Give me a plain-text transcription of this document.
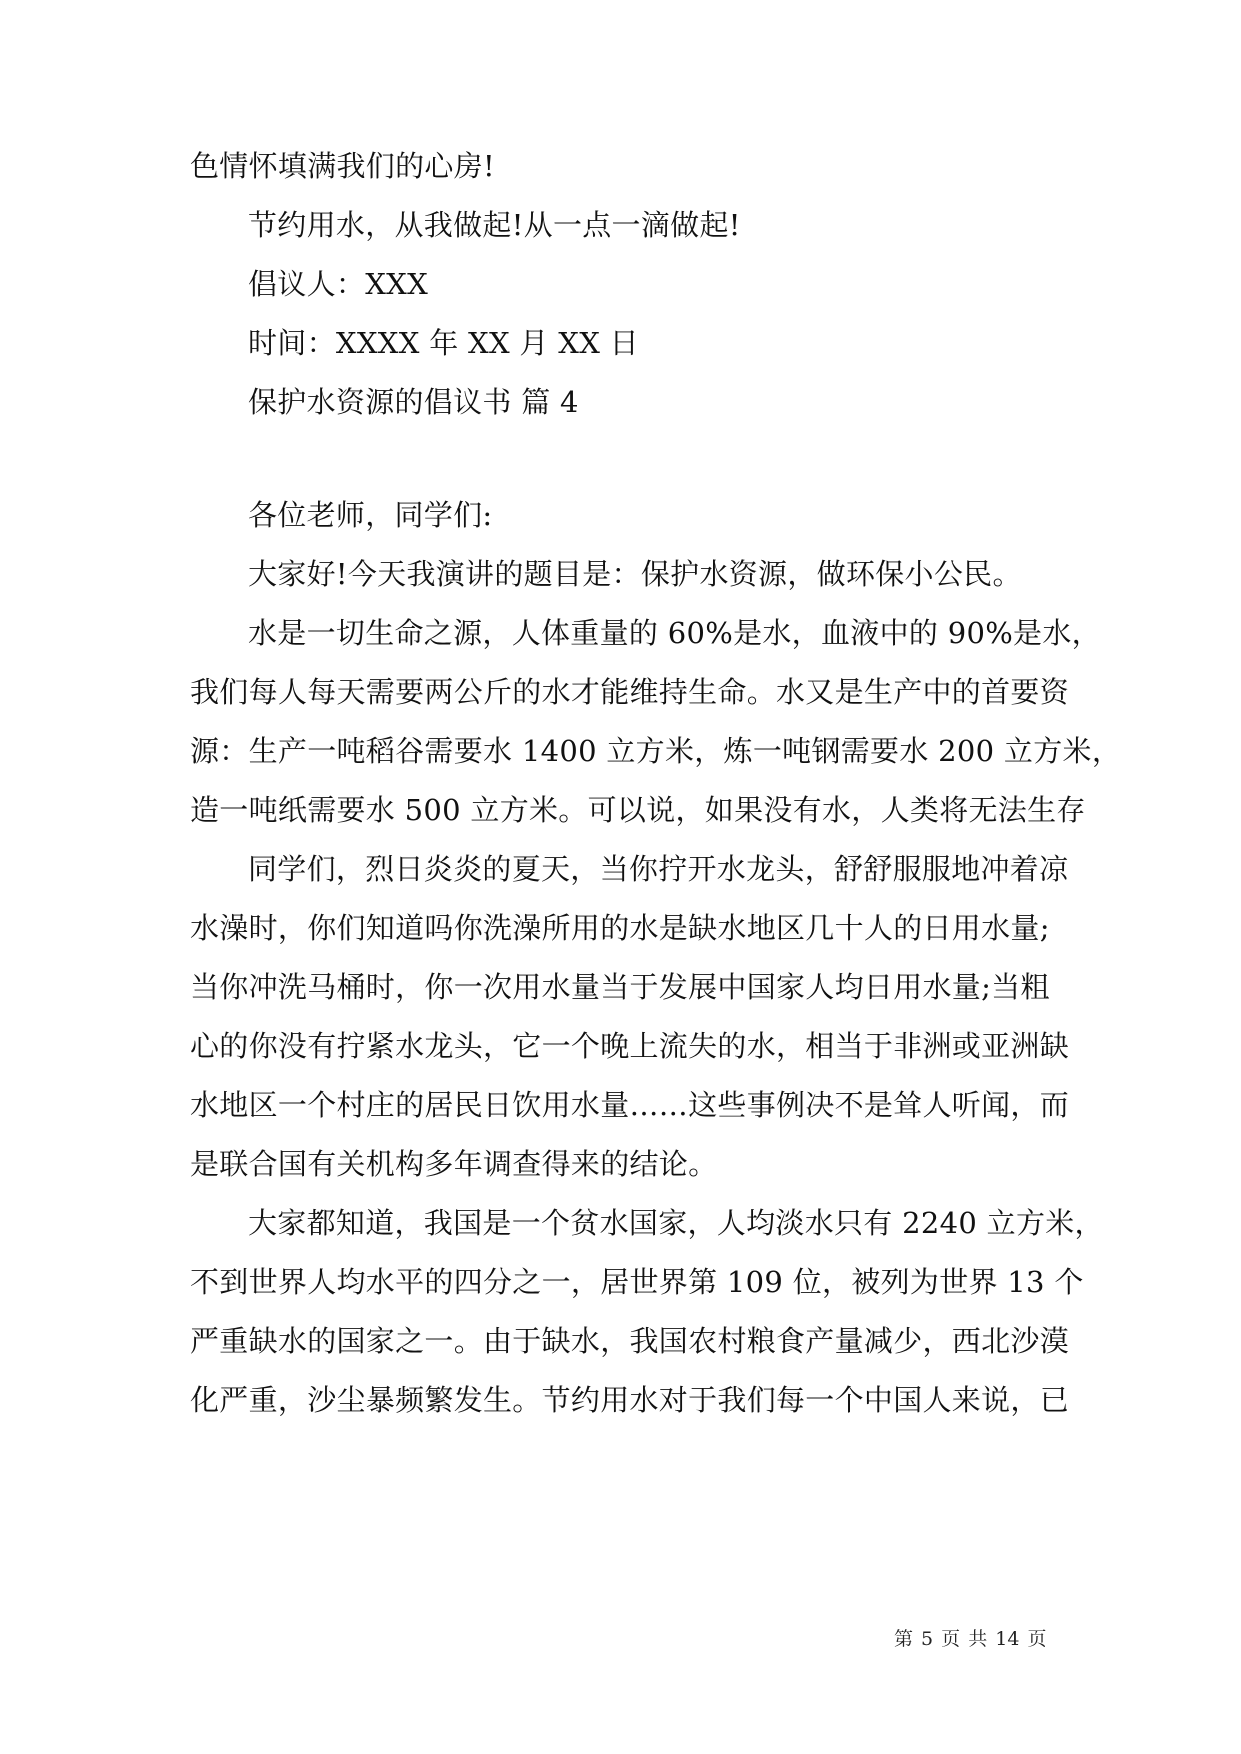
色情怀填满我们的心房!
节约用水，从我做起!从一点一滴做起!
倡议人：XXX
时间：XXXX 年 XX 月 XX 日
保护水资源的倡议书 篇 4
各位老师，同学们:
大家好!今天我演讲的题目是：保护水资源，做环保小公民。
水是一切生命之源，人体重量的 60%是水，血液中的 90%是水，
我们每人每天需要两公斤的水才能维持生命。水又是生产中的首要资
源：生产一吨稻谷需要水 1400 立方米，炼一吨钢需要水 200 立方米，
造一吨纸需要水 500 立方米。可以说，如果没有水，人类将无法生存
同学们，烈日炎炎的夏天，当你拧开水龙头，舒舒服服地冲着凉
水澡时，你们知道吗你洗澡所用的水是缺水地区几十人的日用水量;
当你冲洗马桶时，你一次用水量当于发展中国家人均日用水量;当粗
心的你没有拧紧水龙头，它一个晚上流失的水，相当于非洲或亚洲缺
水地区一个村庄的居民日饮用水量……这些事例决不是耸人听闻，而
是联合国有关机构多年调查得来的结论。
大家都知道，我国是一个贫水国家，人均淡水只有 2240 立方米，
不到世界人均水平的四分之一，居世界第 109 位，被列为世界 13 个
严重缺水的国家之一。由于缺水，我国农村粮食产量减少，西北沙漠
化严重，沙尘暴频繁发生。节约用水对于我们每一个中国人来说，已
第 5 页 共 14 页
